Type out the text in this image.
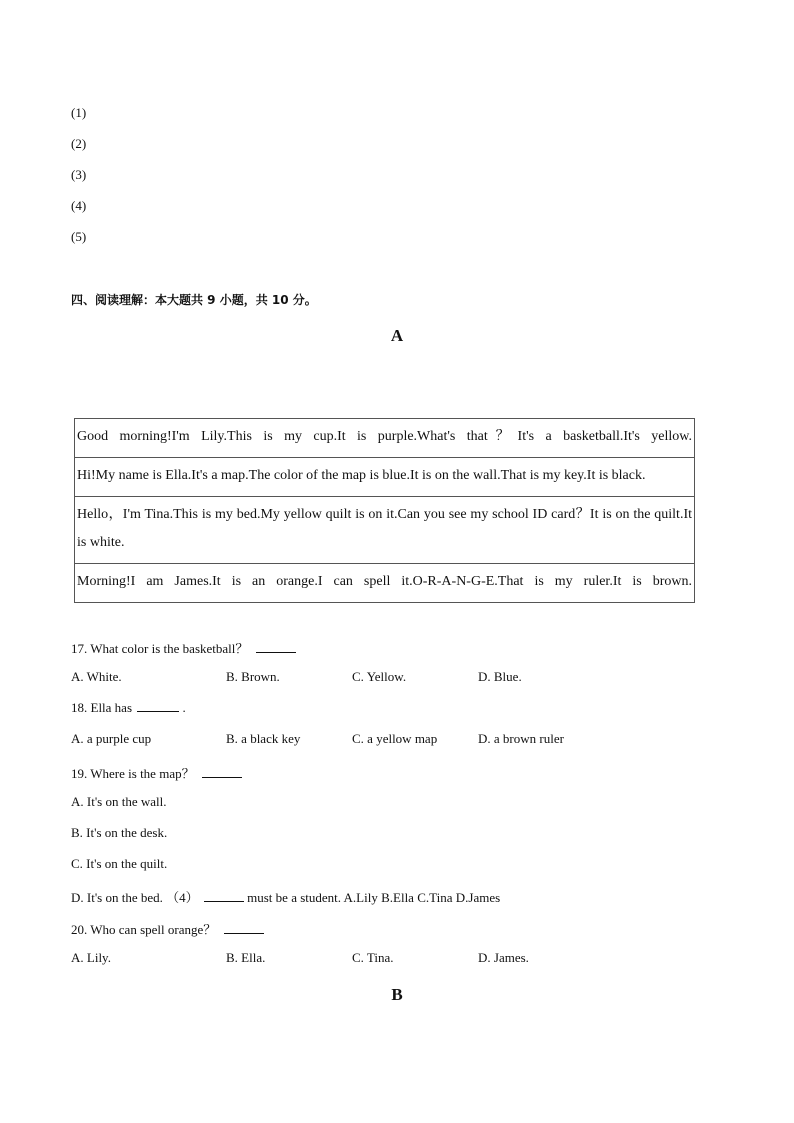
(1)
(2)
(3)
(4)
(5)
四、阅读理解：本大题共 9 小题，共 10 分。
A
Good morning!I'm Lily.This is my cup.It is purple.What's that？It's a basketball.It's yellow.
Hi!My name is Ella.It's a map.The color of the map is blue.It is on the wall.That is my key.It is black.
Hello，I'm Tina.This is my bed.My yellow quilt is on it.Can you see my school ID card？It is on the quilt.It is white.
Morning!I am James.It is an orange.I can spell it.O-R-A-N-G-E.That is my ruler.It is brown.
17. What color is the basketball？
A. White.	B. Brown.	C. Yellow.	D. Blue.
18. Ella has	.
A. a purple cup	B. a black key	C. a yellow map	D. a brown ruler
19. Where is the map？
A. It's on the wall.
B. It's on the desk.
C. It's on the quilt.
D. It's on the bed. （4）	must be a student. A.Lily B.Ella C.Tina D.James
20. Who can spell orange？
A. Lily.	B. Ella.	C. Tina.	D. James.
B
